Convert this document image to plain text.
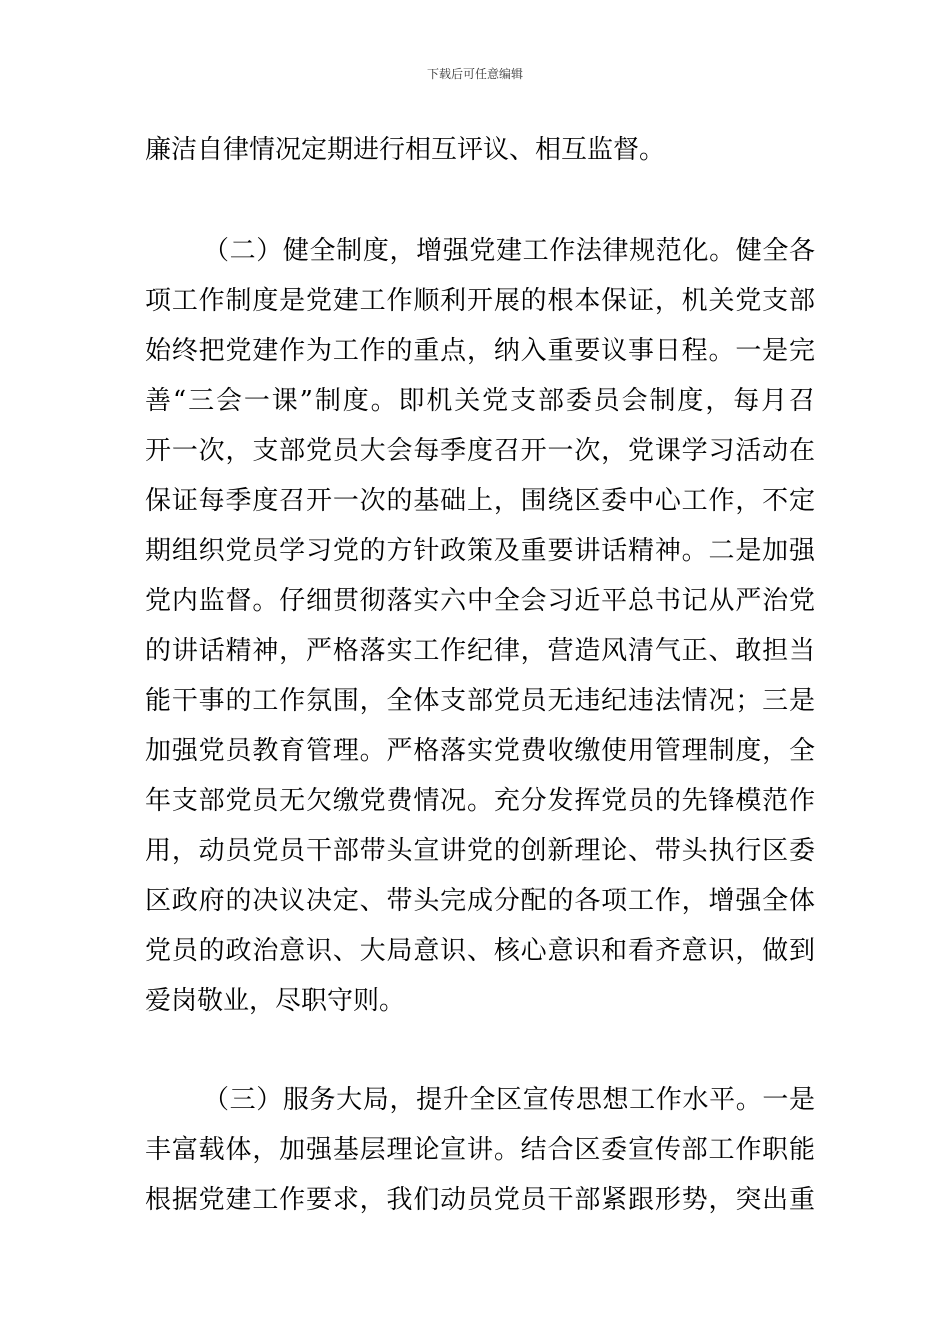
下载后可任意编辑
廉洁自律情况定期进行相互评议、相互监督。
（二）健全制度，增强党建工作法律规范化。健全各
项工作制度是党建工作顺利开展的根本保证，机关党支部
始终把党建作为工作的重点，纳入重要议事日程。一是完
善“三会一课”制度。即机关党支部委员会制度，每月召
开一次，支部党员大会每季度召开一次，党课学习活动在
保证每季度召开一次的基础上，围绕区委中心工作，不定
期组织党员学习党的方针政策及重要讲话精神。二是加强
党内监督。仔细贯彻落实六中全会习近平总书记从严治党
的讲话精神，严格落实工作纪律，营造风清气正、敢担当
能干事的工作氛围，全体支部党员无违纪违法情况；三是
加强党员教育管理。严格落实党费收缴使用管理制度，全
年支部党员无欠缴党费情况。充分发挥党员的先锋模范作
用，动员党员干部带头宣讲党的创新理论、带头执行区委
区政府的决议决定、带头完成分配的各项工作，增强全体
党员的政治意识、大局意识、核心意识和看齐意识，做到
爱岗敬业，尽职守则。
（三）服务大局，提升全区宣传思想工作水平。一是
丰富载体，加强基层理论宣讲。结合区委宣传部工作职能
根据党建工作要求，我们动员党员干部紧跟形势，突出重
